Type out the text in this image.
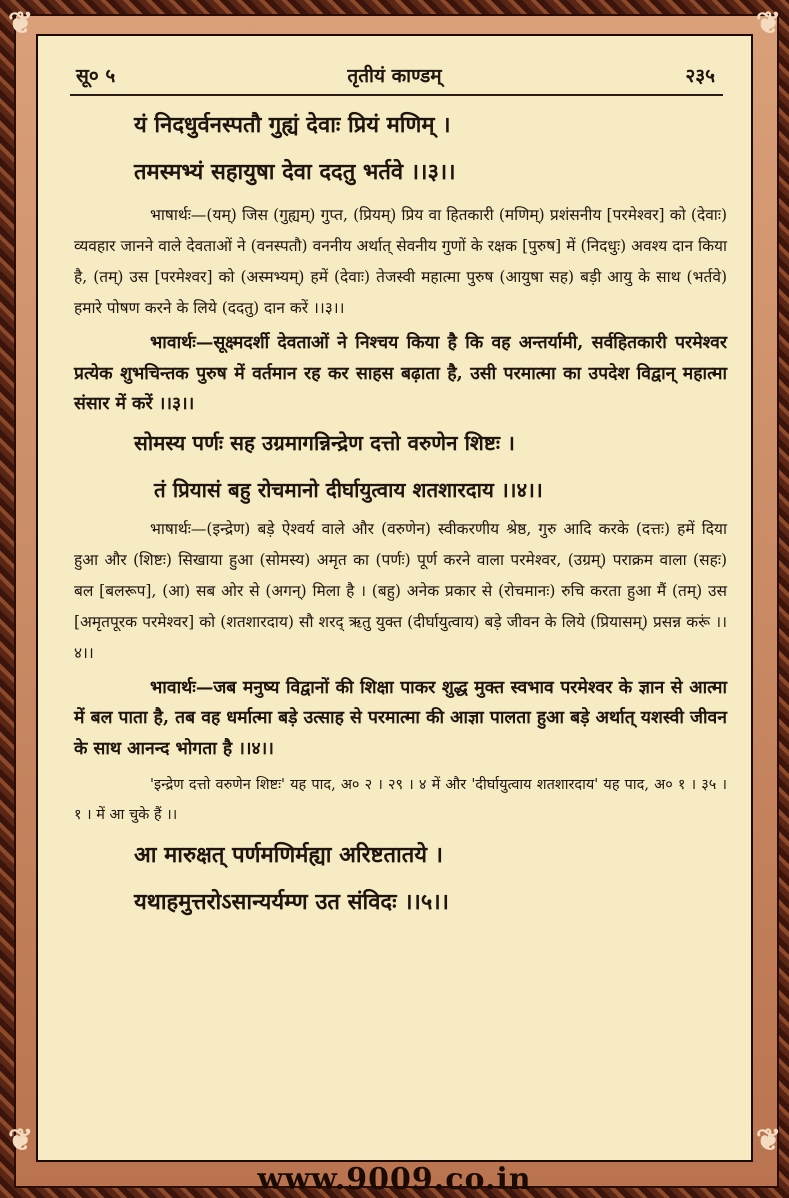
❦	❦
❦	❦
सू० ५	तृतीयं काण्डम्	२३५

यं निदधुर्वनस्पतौ गुह्यं देवाः प्रियं मणिम् ।

तमस्मभ्यं सहायुषा देवा ददतु भर्तवे ।।३।।

भाषार्थः—(यम्) जिस (गुह्यम्) गुप्त, (प्रियम्) प्रिय वा हितकारी (मणिम्) प्रशंसनीय [परमेश्वर] को (देवाः) व्यवहार जानने वाले देवताओं ने (वनस्पतौ) वननीय अर्थात् सेवनीय गुणों के रक्षक [पुरुष] में (निदधुः) अवश्य दान किया है, (तम्) उस [परमेश्वर] को (अस्मभ्यम्) हमें (देवाः) तेजस्वी महात्मा पुरुष (आयुषा सह) बड़ी आयु के साथ (भर्तवे) हमारे पोषण करने के लिये (ददतु) दान करें ।।३।।

भावार्थः—सूक्ष्मदर्शी देवताओं ने निश्चय किया है कि वह अन्तर्यामी, सर्वहितकारी परमेश्वर प्रत्येक शुभचिन्तक पुरुष में वर्तमान रह कर साहस बढ़ाता है, उसी परमात्मा का उपदेश विद्वान् महात्मा संसार में करें ।।३।।

सोमस्य पर्णः सह उग्रमागन्निन्द्रेण दत्तो वरुणेन शिष्टः ।

तं प्रियासं बहु रोचमानो दीर्घायुत्वाय शतशारदाय ।।४।।

भाषार्थः—(इन्द्रेण) बड़े ऐश्वर्य वाले और (वरुणेन) स्वीकरणीय श्रेष्ठ, गुरु आदि करके (दत्तः) हमें दिया हुआ और (शिष्टः) सिखाया हुआ (सोमस्य) अमृत का (पर्णः) पूर्ण करने वाला परमेश्वर, (उग्रम्) पराक्रम वाला (सहः) बल [बलरूप], (आ) सब ओर से (अगन्) मिला है । (बहु) अनेक प्रकार से (रोचमानः) रुचि करता हुआ मैं (तम्) उस [अमृतपूरक परमेश्वर] को (शतशारदाय) सौ शरद् ऋतु युक्त (दीर्घायुत्वाय) बड़े जीवन के लिये (प्रियासम्) प्रसन्न करूं ।।४।।

भावार्थः—जब मनुष्य विद्वानों की शिक्षा पाकर शुद्ध मुक्त स्वभाव परमेश्वर के ज्ञान से आत्मा में बल पाता है, तब वह धर्मात्मा बड़े उत्साह से परमात्मा की आज्ञा पालता हुआ बड़े अर्थात् यशस्वी जीवन के साथ आनन्द भोगता है ।।४।।

'इन्द्रेण दत्तो वरुणेन शिष्टः' यह पाद, अ० २ । २९ । ४ में और 'दीर्घायुत्वाय शतशारदाय' यह पाद, अ० १ । ३५ । १ । में आ चुके हैं ।।

आ मारुक्षत् पर्णमणिर्मह्या अरिष्टतातये ।

यथाहमुत्तरोऽसान्यर्यम्ण उत संविदः ।।५।।

www.9009.co.in
